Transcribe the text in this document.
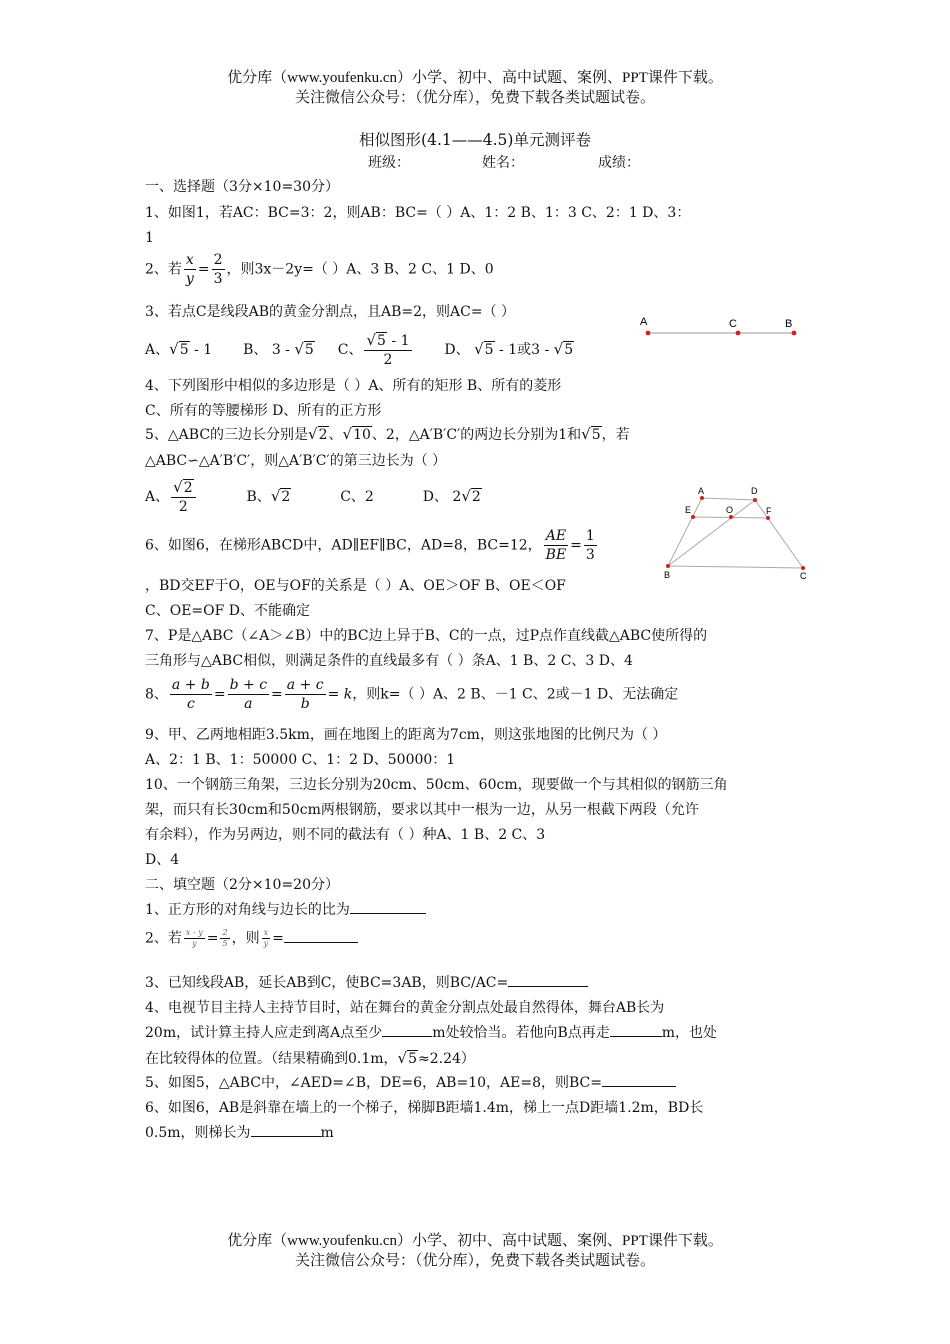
优分库（www.youfenku.cn）小学、初中、高中试题、案例、PPT课件下载。
关注微信公众号：（优分库），免费下载各类试题试卷。
相似图形(4.1——4.5)单元测评卷
班级：	姓名：	成绩：
一、选择题（3分×10=30分）
1、如图1，若AC：BC=3：2，则AB：BC=（ ）A、1：2 B、1：3 C、2：1 D、3：
1
2、若 $\frac{x}{y} = \frac{2}{3}$ ，则3x－2y=（ ）A、3 B、2 C、1 D、0
3、若点C是线段AB的黄金分割点，且AB=2，则AC=（ ）
A、√5 - 1 B、 3 - √5 C、 $\frac{√5 - 1}{2}$ D、 √5 - 1或3 - √5
A	C	B
4、下列图形中相似的多边形是（ ）A、所有的矩形 B、所有的菱形
C、所有的等腰梯形 D、所有的正方形
5、△ABC的三边长分别是√2、√10、2，△A′B′C′的两边长分别为1和√5，若
△ABC∽△A′B′C′，则△A′B′C′的第三边长为（ ）
A、 $\frac{√2}{2}$	B、√2	C、2	D、 2√2	A	D
E	O	F
B	C
6、如图6，在梯形ABCD中，AD∥EF∥BC，AD=8，BC=12， $\frac{AE}{BE} = \frac{1}{3}$
，BD交EF于O，OE与OF的关系是（ ）A、OE＞OF B、OE＜OF
C、OE=OF D、不能确定
7、P是△ABC（∠A＞∠B）中的BC边上异于B、C的一点，过P点作直线截△ABC使所得的
三角形与△ABC相似，则满足条件的直线最多有（ ）条A、1 B、2 C、3 D、4
8、 $\frac{a + b}{c} = \frac{b + c}{a} = \frac{a + c}{b} = k$，则k=（ ）A、2 B、－1 C、2或－1 D、无法确定
9、甲、乙两地相距3.5km，画在地图上的距离为7cm，则这张地图的比例尺为（ ）
A、2：1 B、1：50000 C、1：2 D、50000：1
10、一个钢筋三角架，三边长分别为20cm、50cm、60cm，现要做一个与其相似的钢筋三角
架，而只有长30cm和50cm两根钢筋，要求以其中一根为一边，从另一根截下两段（允许
有余料），作为另两边，则不同的截法有（ ）种A、1 B、2 C、3
D、4
二、填空题（2分×10=20分）
1、正方形的对角线与边长的比为
2、若 $\frac{x - y}{y} = \frac{2}{5}$ ，则 $\frac{x}{y}$ =
3、已知线段AB，延长AB到C，使BC=3AB，则BC/AC=
4、电视节目主持人主持节目时，站在舞台的黄金分割点处最自然得体，舞台AB长为
20m，试计算主持人应走到离A点至少	m处较恰当。若他向B点再走	m，也处
在比较得体的位置。（结果精确到0.1m，√5≈2.24）
5、如图5，△ABC中，∠AED=∠B，DE=6，AB=10，AE=8，则BC=
6、如图6，AB是斜靠在墙上的一个梯子，梯脚B距墙1.4m，梯上一点D距墙1.2m，BD长
0.5m，则梯长为	m
优分库（www.youfenku.cn）小学、初中、高中试题、案例、PPT课件下载。
关注微信公众号：（优分库），免费下载各类试题试卷。
